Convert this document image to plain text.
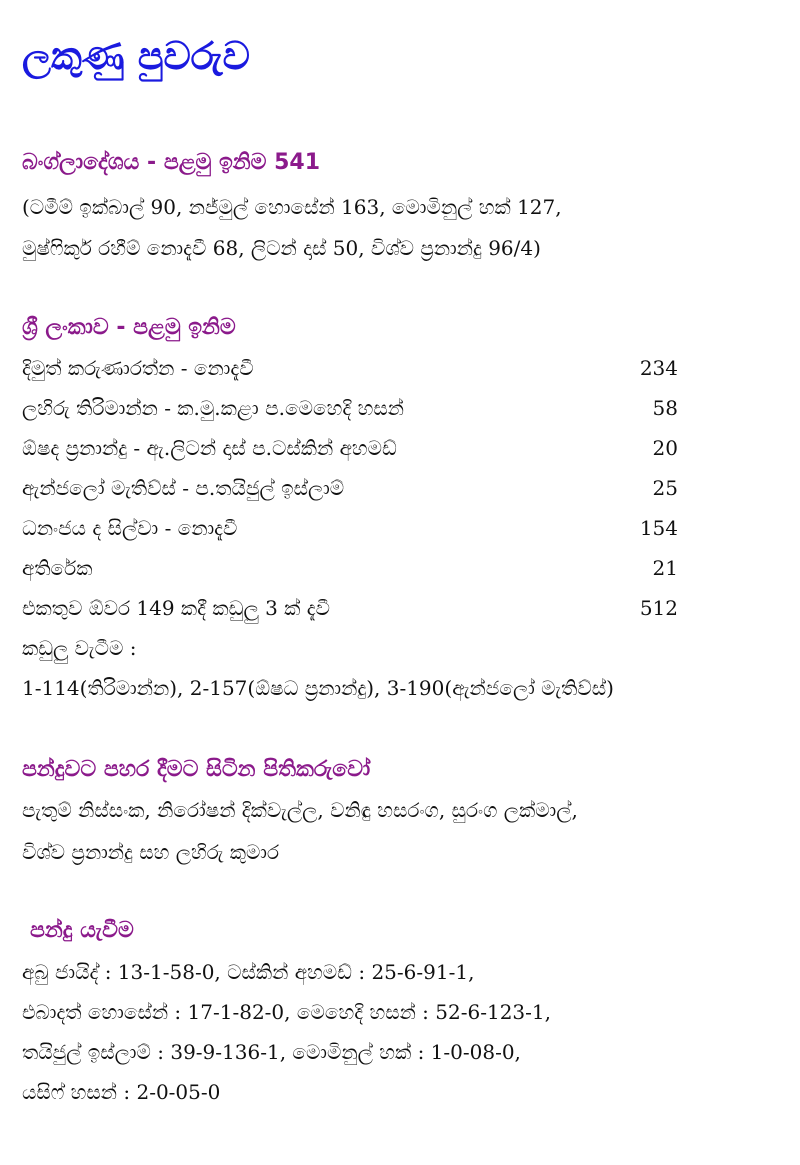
ලකුණු පුවරුව
බංග්ලාදේශය - පළමු ඉනිම 541
(ටමීම් ඉක්බාල් 90, නජ්මුල් හොසේන් 163, මොමිනුල් හක් 127,
මුෂ්ෆිකුර් රහීම් නොදැවී 68, ලිටන් දාස් 50, විශ්ව ප්‍රනාන්දු 96/4)
ශ්‍රී ලංකාව - පළමු ඉනිම
දිමුත් කරුණාරත්න - නොදැවී	234
ලහිරු තිරිමාන්න - ක.මු.කළා ප.මෙහෙදි හසන්	58
ඕෂද ප්‍රනාන්දු - ඇ.ලිටන් දාස් ප.ටස්කින් අහමඩ්	20
ඇන්ජලෝ මැතිව්ස් - ප.තයිජුල් ඉස්ලාම්	25
ධනංජය ද සිල්වා - නොදැවී	154
අතිරේක	21
එකතුව ඕවර 149 කදී කඩුලු 3 ක් දැවී	512
කඩුලු වැටීම :
1-114(තිරිමාන්න), 2-157(ඕෂධ ප්‍රනාන්දු), 3-190(ඇන්ජලෝ මැතිව්ස්)
පන්දුවට පහර දීමට සිටින පිතිකරුවෝ
පැතුම් නිස්සංක, නිරෝෂන් දික්වැල්ල, වනිඳු හසරංග, සුරංග ලක්මාල්,
විශ්ව ප්‍රනාන්දු සහ ලහිරු කුමාර
පන්දු යැවීම
අබු ජායිද් : 13-1-58-0, ටස්කින් අහමඩ් : 25-6-91-1,
එබාදත් හොසේන් : 17-1-82-0, මෙහෙදි හසන් : 52-6-123-1,
තයිජුල් ඉස්ලාම් : 39-9-136-1, මොමිනුල් හක් : 1-0-08-0,
යසිෆ් හසන් : 2-0-05-0
